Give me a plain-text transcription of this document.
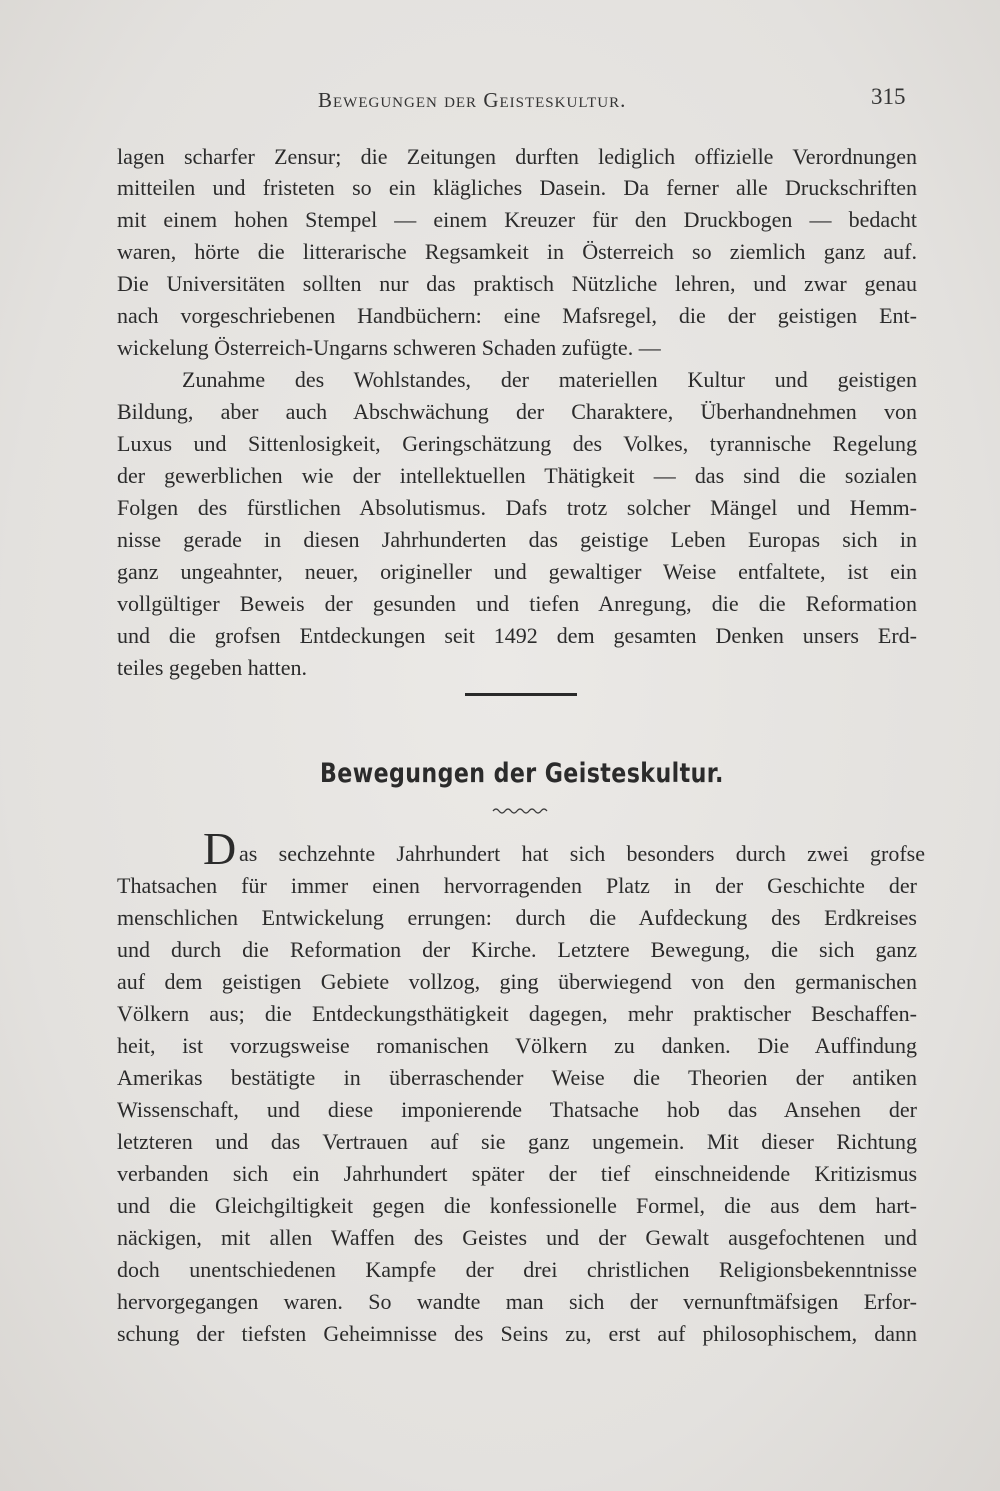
Bewegungen der Geisteskultur.	315
lagen scharfer Zensur; die Zeitungen durften lediglich offizielle Verordnungen
mitteilen und fristeten so ein klägliches Dasein. Da ferner alle Druckschriften
mit einem hohen Stempel — einem Kreuzer für den Druckbogen — bedacht
waren, hörte die litterarische Regsamkeit in Österreich so ziemlich ganz auf.
Die Universitäten sollten nur das praktisch Nützliche lehren, und zwar genau
nach vorgeschriebenen Handbüchern: eine Mafsregel, die der geistigen Ent-
wickelung Österreich-Ungarns schweren Schaden zufügte. —
Zunahme des Wohlstandes, der materiellen Kultur und geistigen
Bildung, aber auch Abschwächung der Charaktere, Überhandnehmen von
Luxus und Sittenlosigkeit, Geringschätzung des Volkes, tyrannische Regelung
der gewerblichen wie der intellektuellen Thätigkeit — das sind die sozialen
Folgen des fürstlichen Absolutismus. Dafs trotz solcher Mängel und Hemm-
nisse gerade in diesen Jahrhunderten das geistige Leben Europas sich in
ganz ungeahnter, neuer, origineller und gewaltiger Weise entfaltete, ist ein
vollgültiger Beweis der gesunden und tiefen Anregung, die die Reformation
und die grofsen Entdeckungen seit 1492 dem gesamten Denken unsers Erd-
teiles gegeben hatten.
Bewegungen der Geisteskultur.
D as sechzehnte Jahrhundert hat sich besonders durch zwei grofse
Thatsachen für immer einen hervorragenden Platz in der Geschichte der
menschlichen Entwickelung errungen: durch die Aufdeckung des Erdkreises
und durch die Reformation der Kirche. Letztere Bewegung, die sich ganz
auf dem geistigen Gebiete vollzog, ging überwiegend von den germanischen
Völkern aus; die Entdeckungsthätigkeit dagegen, mehr praktischer Beschaffen-
heit, ist vorzugsweise romanischen Völkern zu danken. Die Auffindung
Amerikas bestätigte in überraschender Weise die Theorien der antiken
Wissenschaft, und diese imponierende Thatsache hob das Ansehen der
letzteren und das Vertrauen auf sie ganz ungemein. Mit dieser Richtung
verbanden sich ein Jahrhundert später der tief einschneidende Kritizismus
und die Gleichgiltigkeit gegen die konfessionelle Formel, die aus dem hart-
näckigen, mit allen Waffen des Geistes und der Gewalt ausgefochtenen und
doch unentschiedenen Kampfe der drei christlichen Religionsbekenntnisse
hervorgegangen waren. So wandte man sich der vernunftmäfsigen Erfor-
schung der tiefsten Geheimnisse des Seins zu, erst auf philosophischem, dann
